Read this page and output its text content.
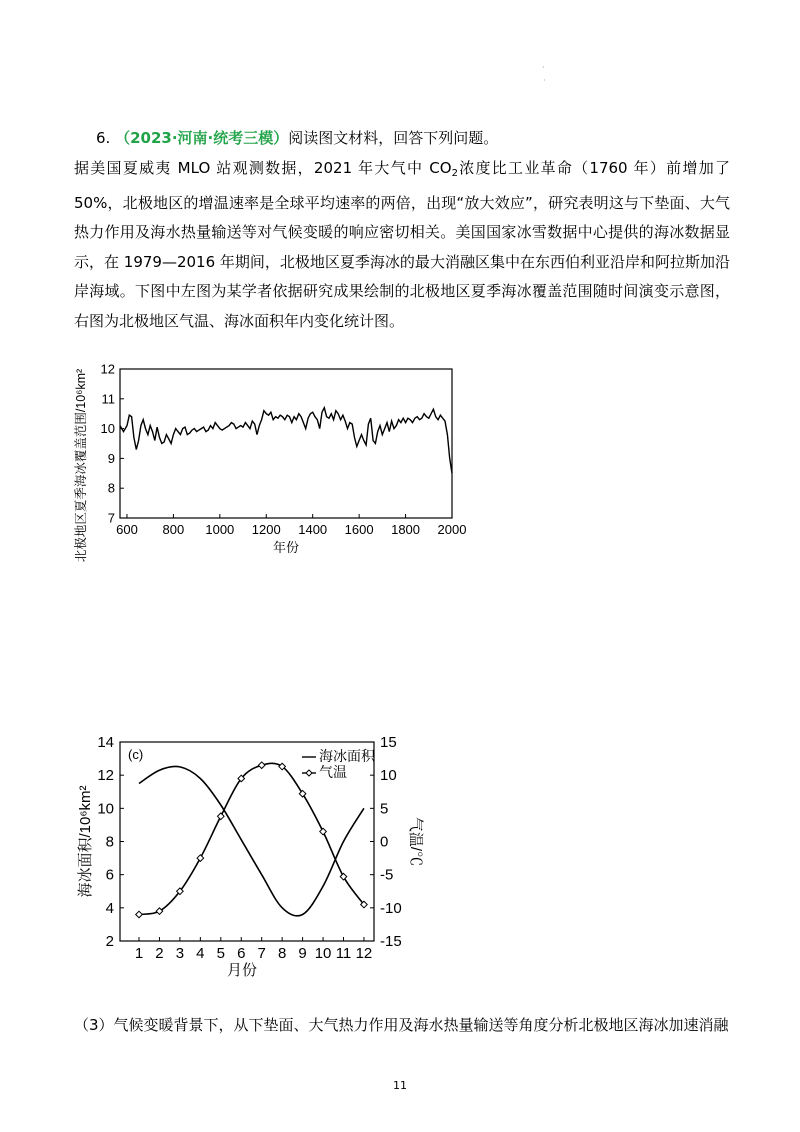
·
·
6. （2023·河南·统考三模）阅读图文材料，回答下列问题。

据美国夏威夷 MLO 站观测数据，2021 年大气中 $CO_2$浓度比工业革命（1760 年）前增加了 50%，北极地区的增温速率是全球平均速率的两倍，出现“放大效应”，研究表明这与下垫面、大气热力作用及海水热量输送等对气候变暖的响应密切相关。美国国家冰雪数据中心提供的海冰数据显示，在 1979—2016 年期间，北极地区夏季海冰的最大消融区集中在东西伯利亚沿岸和阿拉斯加沿岸海域。下图中左图为某学者依据研究成果绘制的北极地区夏季海冰覆盖范围随时间演变示意图，右图为北极地区气温、海冰面积年内变化统计图。

600 800 1000 1200 1400 1600 1800 2000
7
8
9
10
11
12
年份
北极地区夏季海冰覆盖范围/10⁶km²
2
4
6
8
10
12
14
-15
-10
-5
0
5
10
15
1 2 3 4 5 6 7 8 9 10 11 12
(c)	海冰面积
气温
月份
海冰面积/10⁶km²	气温/℃
（3）气候变暖背景下，从下垫面、大气热力作用及海水热量输送等角度分析北极地区海冰加速消融
11
